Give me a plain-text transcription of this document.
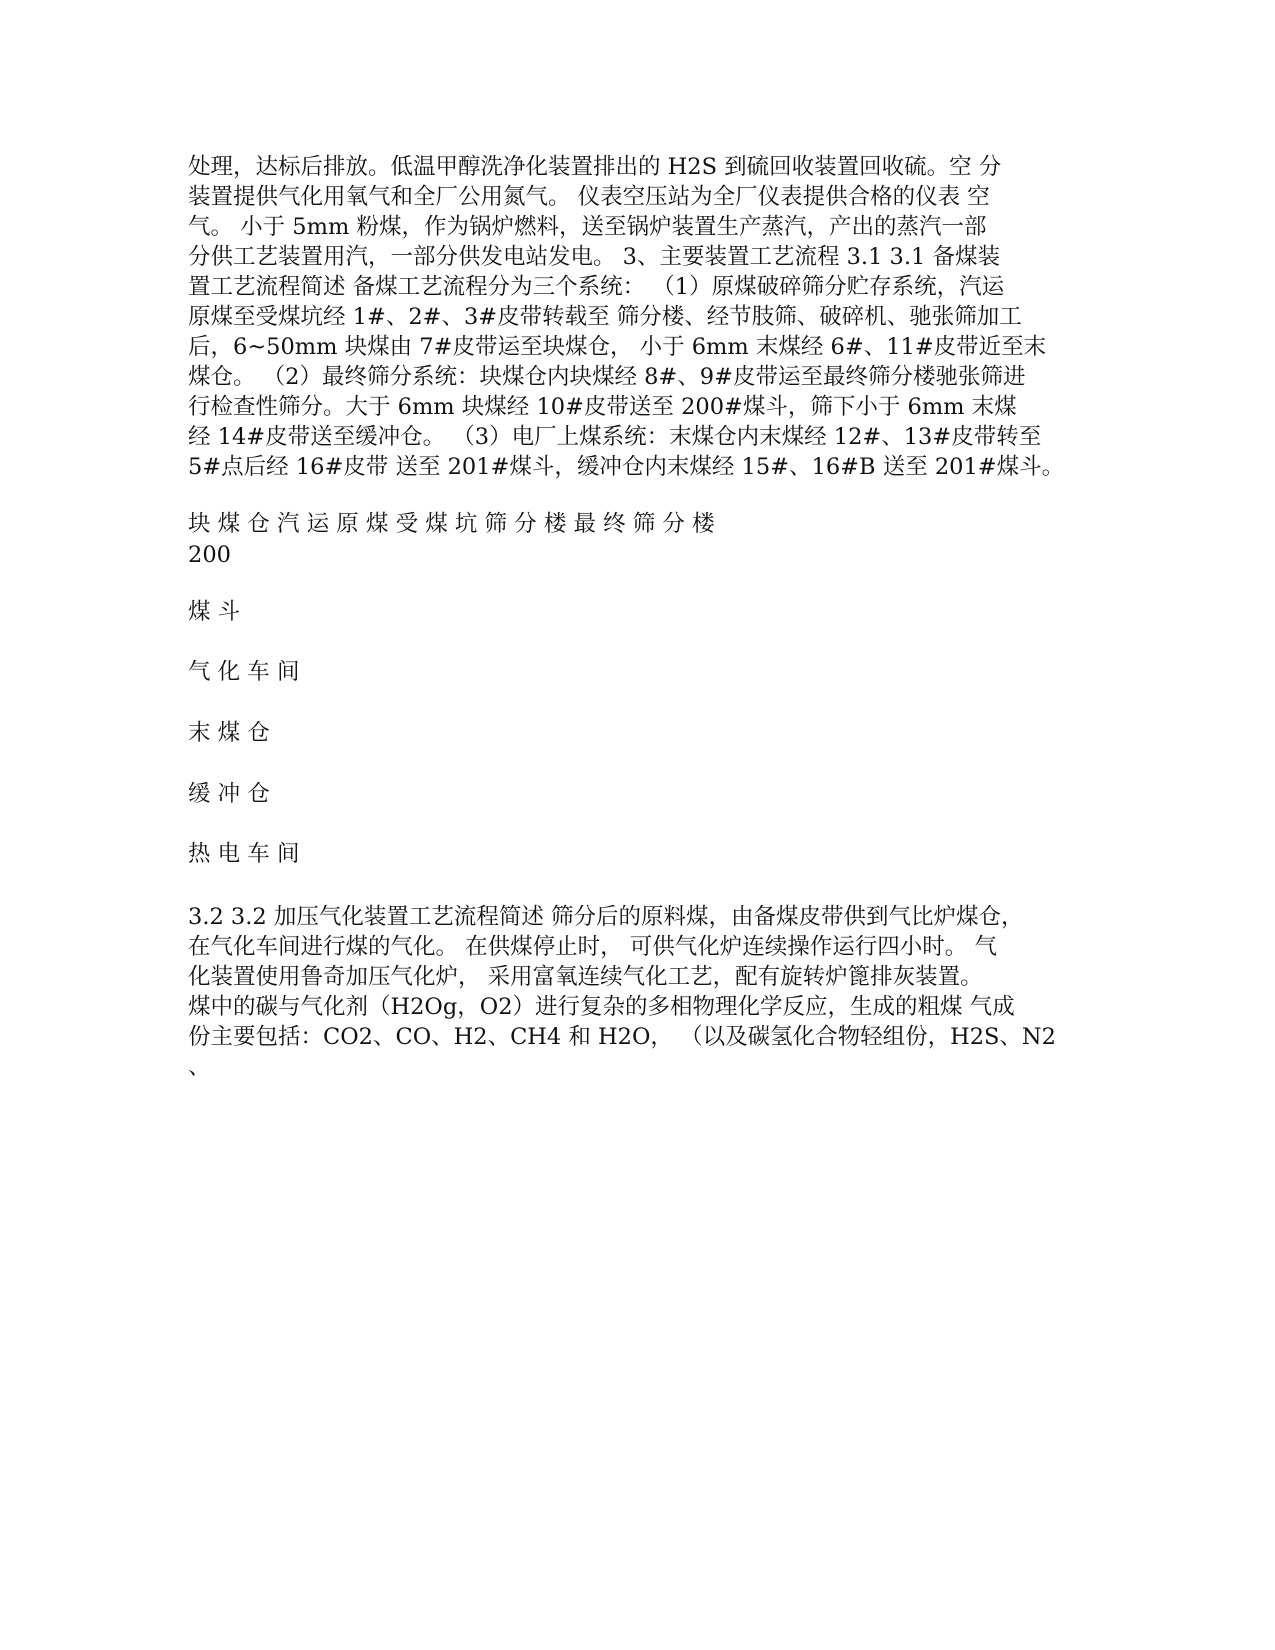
处理，达标后排放。低温甲醇洗净化装置排出的 H2S 到硫回收装置回收硫。空 分
装置提供气化用氧气和全厂公用氮气。 仪表空压站为全厂仪表提供合格的仪表 空
气。 小于 5mm 粉煤，作为锅炉燃料，送至锅炉装置生产蒸汽，产出的蒸汽一部
分供工艺装置用汽，一部分供发电站发电。 3、主要装置工艺流程 3.1 3.1 备煤装
置工艺流程简述 备煤工艺流程分为三个系统： （1）原煤破碎筛分贮存系统，汽运
原煤至受煤坑经 1#、2#、3#皮带转载至 筛分楼、经节肢筛、破碎机、驰张筛加工
后，6~50mm 块煤由 7#皮带运至块煤仓， 小于 6mm 末煤经 6#、11#皮带近至末
煤仓。 （2）最终筛分系统：块煤仓内块煤经 8#、9#皮带运至最终筛分楼驰张筛进
行检查性筛分。大于 6mm 块煤经 10#皮带送至 200#煤斗，筛下小于 6mm 末煤
经 14#皮带送至缓冲仓。 （3）电厂上煤系统：末煤仓内末煤经 12#、13#皮带转至
5#点后经 16#皮带 送至 201#煤斗，缓冲仓内末煤经 15#、16#B 送至 201#煤斗。

块 煤 仓 汽 运 原 煤 受 煤 坑 筛 分 楼 最 终 筛 分 楼
200
煤 斗
气 化 车 间
末 煤 仓
缓 冲 仓
热 电 车 间

3.2 3.2 加压气化装置工艺流程简述 筛分后的原料煤，由备煤皮带供到气比炉煤仓，
在气化车间进行煤的气化。 在供煤停止时， 可供气化炉连续操作运行四小时。 气
化装置使用鲁奇加压气化炉， 采用富氧连续气化工艺，配有旋转炉篦排灰装置。
煤中的碳与气化剂（H2Og，O2）进行复杂的多相物理化学反应，生成的粗煤 气成
份主要包括：CO2、CO、H2、CH4 和 H2O， （以及碳氢化合物轻组份，H2S、N2
、
